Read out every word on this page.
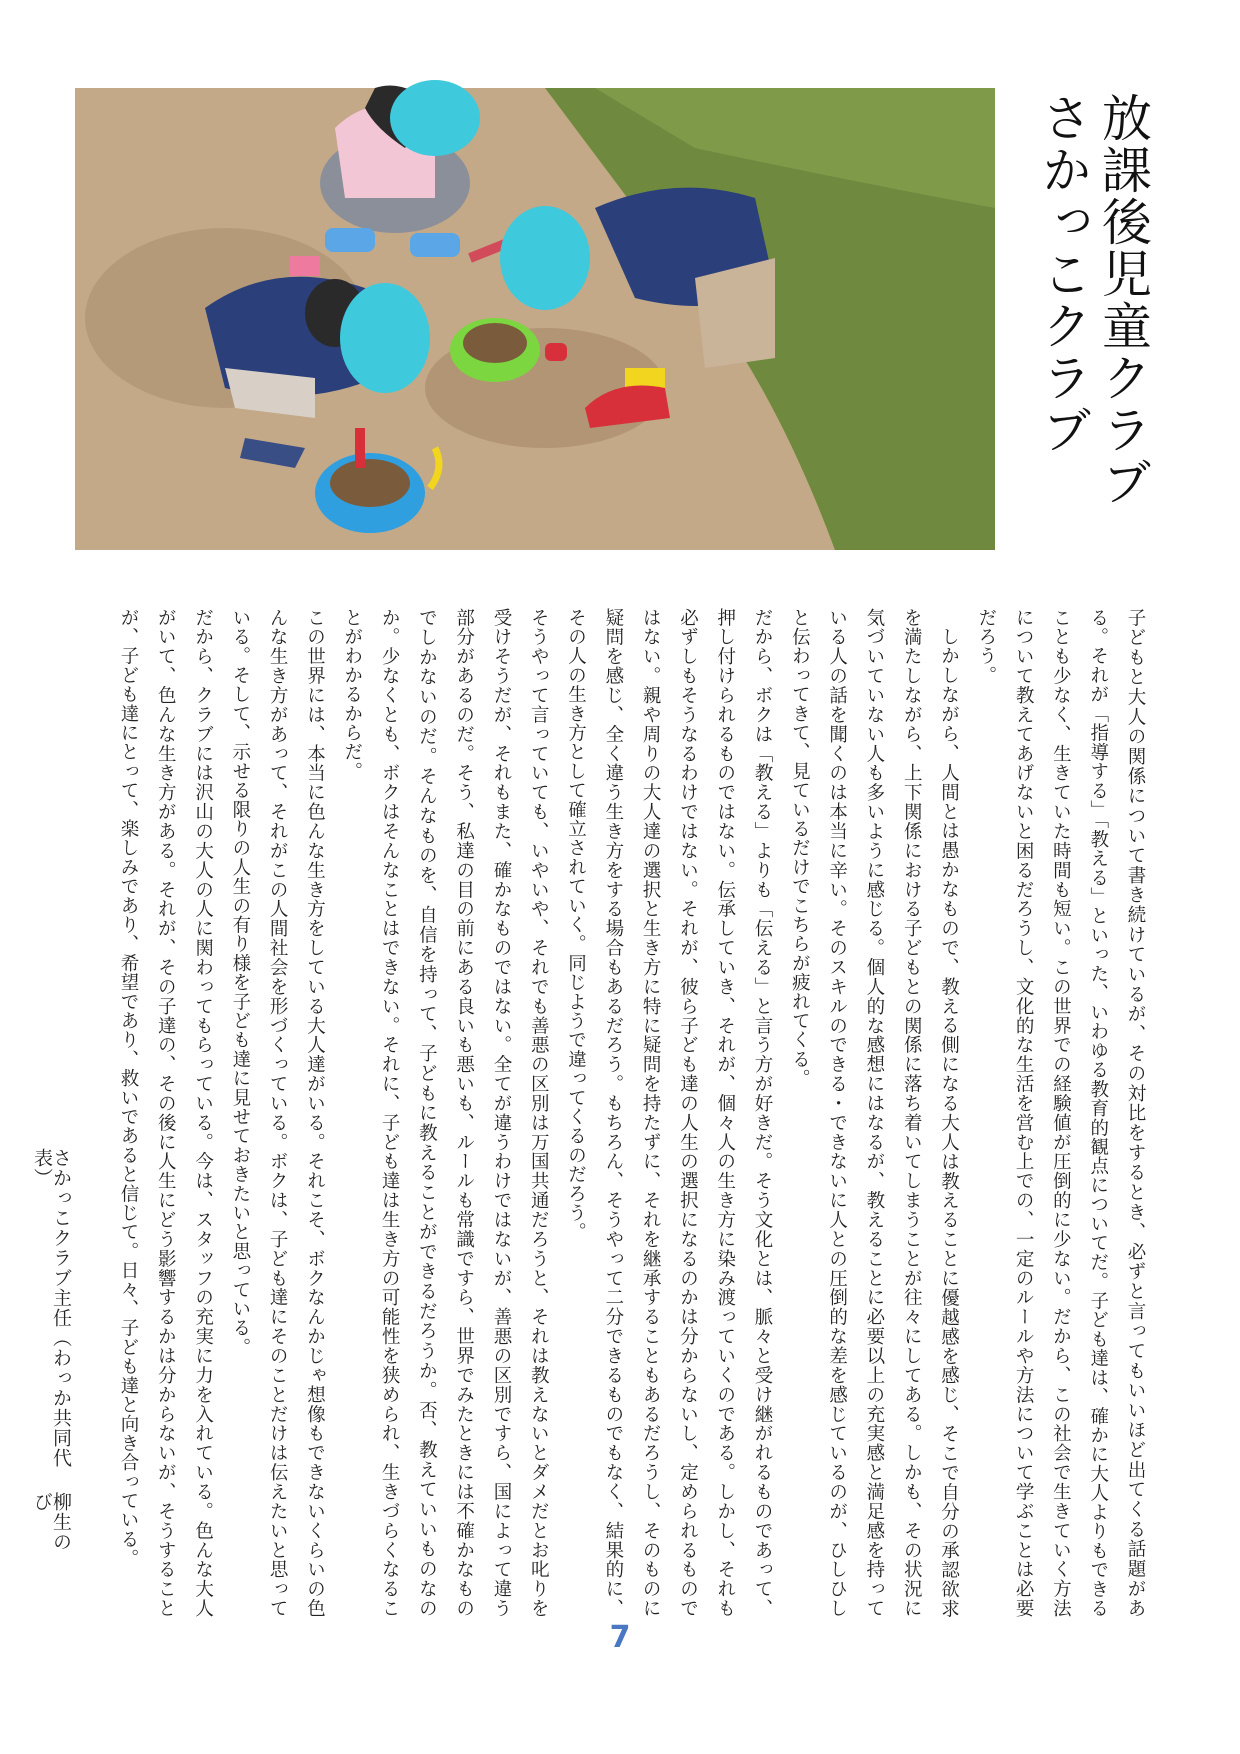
放課後児童クラブ
さかっこクラブ

子どもと大人の関係について書き続けているが、その対比をするとき、必ずと言ってもいいほど出てくる話題がある。それが「指導する」「教える」といった、いわゆる教育的観点についてだ。子ども達は、確かに大人よりもできることも少なく、生きていた時間も短い。この世界での経験値が圧倒的に少ない。だから、この社会で生きていく方法について教えてあげないと困るだろうし、文化的な生活を営む上での、一定のルールや方法について学ぶことは必要だろう。

しかしながら、人間とは愚かなもので、教える側になる大人は教えることに優越感を感じ、そこで自分の承認欲求を満たしながら、上下関係における子どもとの関係に落ち着いてしまうことが往々にしてある。しかも、その状況に気づいていない人も多いように感じる。個人的な感想にはなるが、教えることに必要以上の充実感と満足感を持っている人の話を聞くのは本当に辛い。そのスキルのできる・できないに人との圧倒的な差を感じているのが、ひしひしと伝わってきて、見ているだけでこちらが疲れてくる。

だから、ボクは「教える」よりも「伝える」と言う方が好きだ。そう文化とは、脈々と受け継がれるものであって、押し付けられるものではない。伝承していき、それが、個々人の生き方に染み渡っていくのである。しかし、それも必ずしもそうなるわけではない。それが、彼ら子ども達の人生の選択になるのかは分からないし、定められるものではない。親や周りの大人達の選択と生き方に特に疑問を持たずに、それを継承することもあるだろうし、そのものに疑問を感じ、全く違う生き方をする場合もあるだろう。もちろん、そうやって二分できるものでもなく、結果的に、その人の生き方として確立されていく。同じようで違ってくるのだろう。

そうやって言っていても、いやいや、それでも善悪の区別は万国共通だろうと、それは教えないとダメだとお叱りを受けそうだが、それもまた、確かなものではない。全てが違うわけではないが、善悪の区別ですら、国によって違う部分があるのだ。そう、私達の目の前にある良いも悪いも、ルールも常識ですら、世界でみたときには不確かなものでしかないのだ。そんなものを、自信を持って、子どもに教えることができるだろうか。否、教えていいものなのか。少なくとも、ボクはそんなことはできない。それに、子ども達は生き方の可能性を狭められ、生きづらくなることがわかるからだ。

この世界には、本当に色んな生き方をしている大人達がいる。それこそ、ボクなんかじゃ想像もできないくらいの色んな生き方があって、それがこの人間社会を形づくっている。ボクは、子ども達にそのことだけは伝えたいと思っている。そして、示せる限りの人生の有り様を子ども達に見せておきたいと思っている。

だから、クラブには沢山の大人の人に関わってもらっている。今は、スタッフの充実に力を入れている。色んな大人がいて、色んな生き方がある。それが、その子達の、その後に人生にどう影響するかは分からないが、そうすることが、子ども達にとって、楽しみであり、希望であり、救いであると信じて。日々、子ども達と向き合っている。

さかっこクラブ主任（わっか共同代表）
柳生のび
7
